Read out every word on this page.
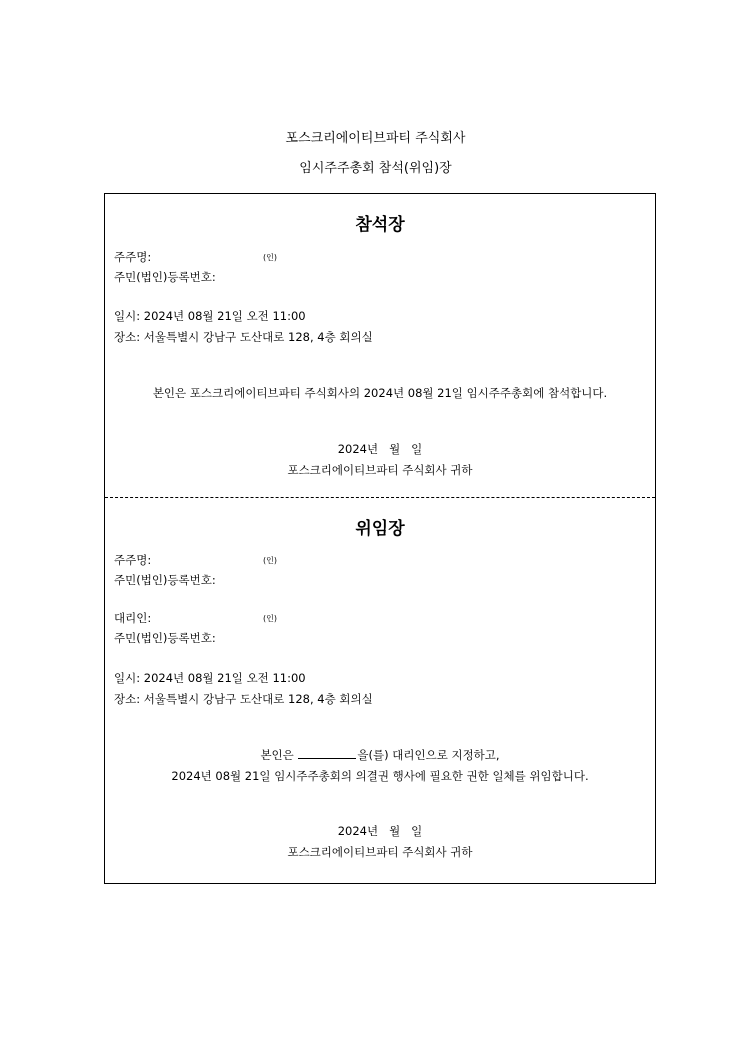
포스크리에이티브파티 주식회사
임시주주총회 참석(위임)장
참석장
주주명:	(인)
주민(법인)등록번호:
일시: 2024년 08월 21일 오전 11:00
장소: 서울특별시 강남구 도산대로 128, 4층 회의실
본인은 포스크리에이티브파티 주식회사의 2024년 08월 21일 임시주주총회에 참석합니다.
2024년   월   일
포스크리에이티브파티 주식회사 귀하
위임장
주주명:	(인)
주민(법인)등록번호:
대리인:	(인)
주민(법인)등록번호:
일시: 2024년 08월 21일 오전 11:00
장소: 서울특별시 강남구 도산대로 128, 4층 회의실
본인은	을(를) 대리인으로 지정하고,
2024년 08월 21일 임시주주총회의 의결권 행사에 필요한 권한 일체를 위임합니다.
2024년   월   일
포스크리에이티브파티 주식회사 귀하
